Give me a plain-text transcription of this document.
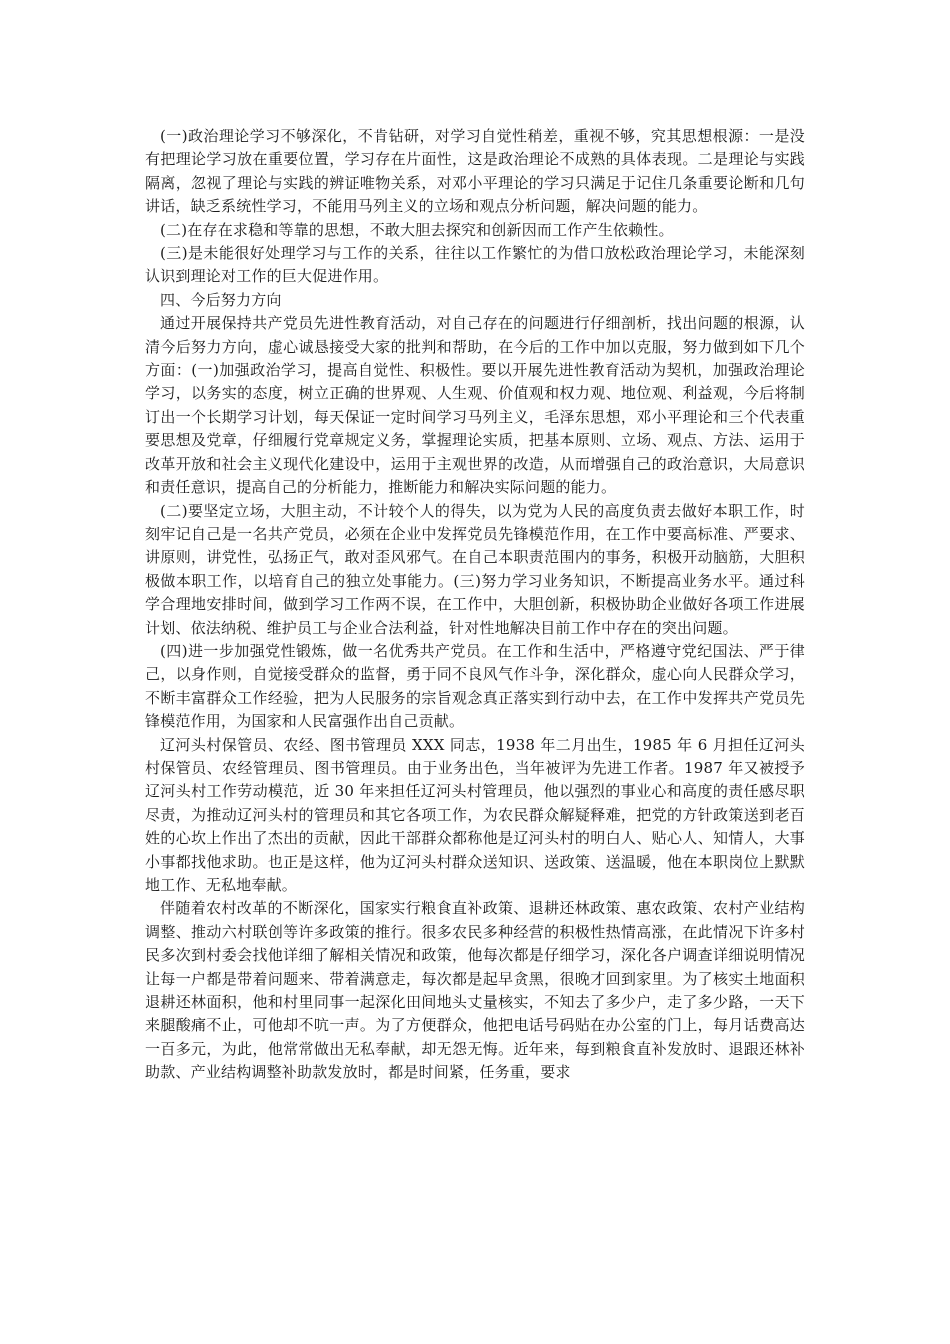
(一)政治理论学习不够深化，不肯钻研，对学习自觉性稍差，重视不够，究其思想根源：一是没有把理论学习放在重要位置，学习存在片面性，这是政治理论不成熟的具体表现。二是理论与实践隔离，忽视了理论与实践的辨证唯物关系，对邓小平理论的学习只满足于记住几条重要论断和几句讲话，缺乏系统性学习，不能用马列主义的立场和观点分析问题，解决问题的能力。

(二)在存在求稳和等靠的思想，不敢大胆去探究和创新因而工作产生依赖性。

(三)是未能很好处理学习与工作的关系，往往以工作繁忙的为借口放松政治理论学习，未能深刻认识到理论对工作的巨大促进作用。

四、今后努力方向

通过开展保持共产党员先进性教育活动，对自己存在的问题进行仔细剖析，找出问题的根源，认清今后努力方向，虚心诚恳接受大家的批判和帮助，在今后的工作中加以克服，努力做到如下几个方面：(一)加强政治学习，提高自觉性、积极性。要以开展先进性教育活动为契机，加强政治理论学习，以务实的态度，树立正确的世界观、人生观、价值观和权力观、地位观、利益观，今后将制订出一个长期学习计划，每天保证一定时间学习马列主义，毛泽东思想，邓小平理论和三个代表重要思想及党章，仔细履行党章规定义务，掌握理论实质，把基本原则、立场、观点、方法、运用于改革开放和社会主义现代化建设中，运用于主观世界的改造，从而增强自己的政治意识，大局意识和责任意识，提高自己的分析能力，推断能力和解决实际问题的能力。

(二)要坚定立场，大胆主动，不计较个人的得失，以为党为人民的高度负责去做好本职工作，时刻牢记自己是一名共产党员，必须在企业中发挥党员先锋模范作用，在工作中要高标准、严要求、讲原则，讲党性，弘扬正气，敢对歪风邪气。在自己本职责范围内的事务，积极开动脑筋，大胆积极做本职工作，以培育自己的独立处事能力。(三)努力学习业务知识，不断提高业务水平。通过科学合理地安排时间，做到学习工作两不误，在工作中，大胆创新，积极协助企业做好各项工作进展计划、依法纳税、维护员工与企业合法利益，针对性地解决目前工作中存在的突出问题。

(四)进一步加强党性锻炼，做一名优秀共产党员。在工作和生活中，严格遵守党纪国法、严于律己，以身作则，自觉接受群众的监督，勇于同不良风气作斗争，深化群众，虚心向人民群众学习，不断丰富群众工作经验，把为人民服务的宗旨观念真正落实到行动中去，在工作中发挥共产党员先锋模范作用，为国家和人民富强作出自己贡献。

辽河头村保管员、农经、图书管理员 XXX 同志，1938 年二月出生，1985 年 6 月担任辽河头村保管员、农经管理员、图书管理员。由于业务出色，当年被评为先进工作者。1987 年又被授予辽河头村工作劳动模范，近 30 年来担任辽河头村管理员，他以强烈的事业心和高度的责任感尽职尽责，为推动辽河头村的管理员和其它各项工作，为农民群众解疑释难，把党的方针政策送到老百姓的心坎上作出了杰出的贡献，因此干部群众都称他是辽河头村的明白人、贴心人、知情人，大事小事都找他求助。也正是这样，他为辽河头村群众送知识、送政策、送温暖，他在本职岗位上默默地工作、无私地奉献。

伴随着农村改革的不断深化，国家实行粮食直补政策、退耕还林政策、惠农政策、农村产业结构调整、推动六村联创等许多政策的推行。很多农民多种经营的积极性热情高涨，在此情况下许多村民多次到村委会找他详细了解相关情况和政策，他每次都是仔细学习，深化各户调查详细说明情况让每一户都是带着问题来、带着满意走，每次都是起早贪黑，很晚才回到家里。为了核实土地面积退耕还林面积，他和村里同事一起深化田间地头丈量核实，不知去了多少户，走了多少路，一天下来腿酸痛不止，可他却不吭一声。为了方便群众，他把电话号码贴在办公室的门上，每月话费高达一百多元，为此，他常常做出无私奉献，却无怨无悔。近年来，每到粮食直补发放时、退跟还林补助款、产业结构调整补助款发放时，都是时间紧，任务重，要求
